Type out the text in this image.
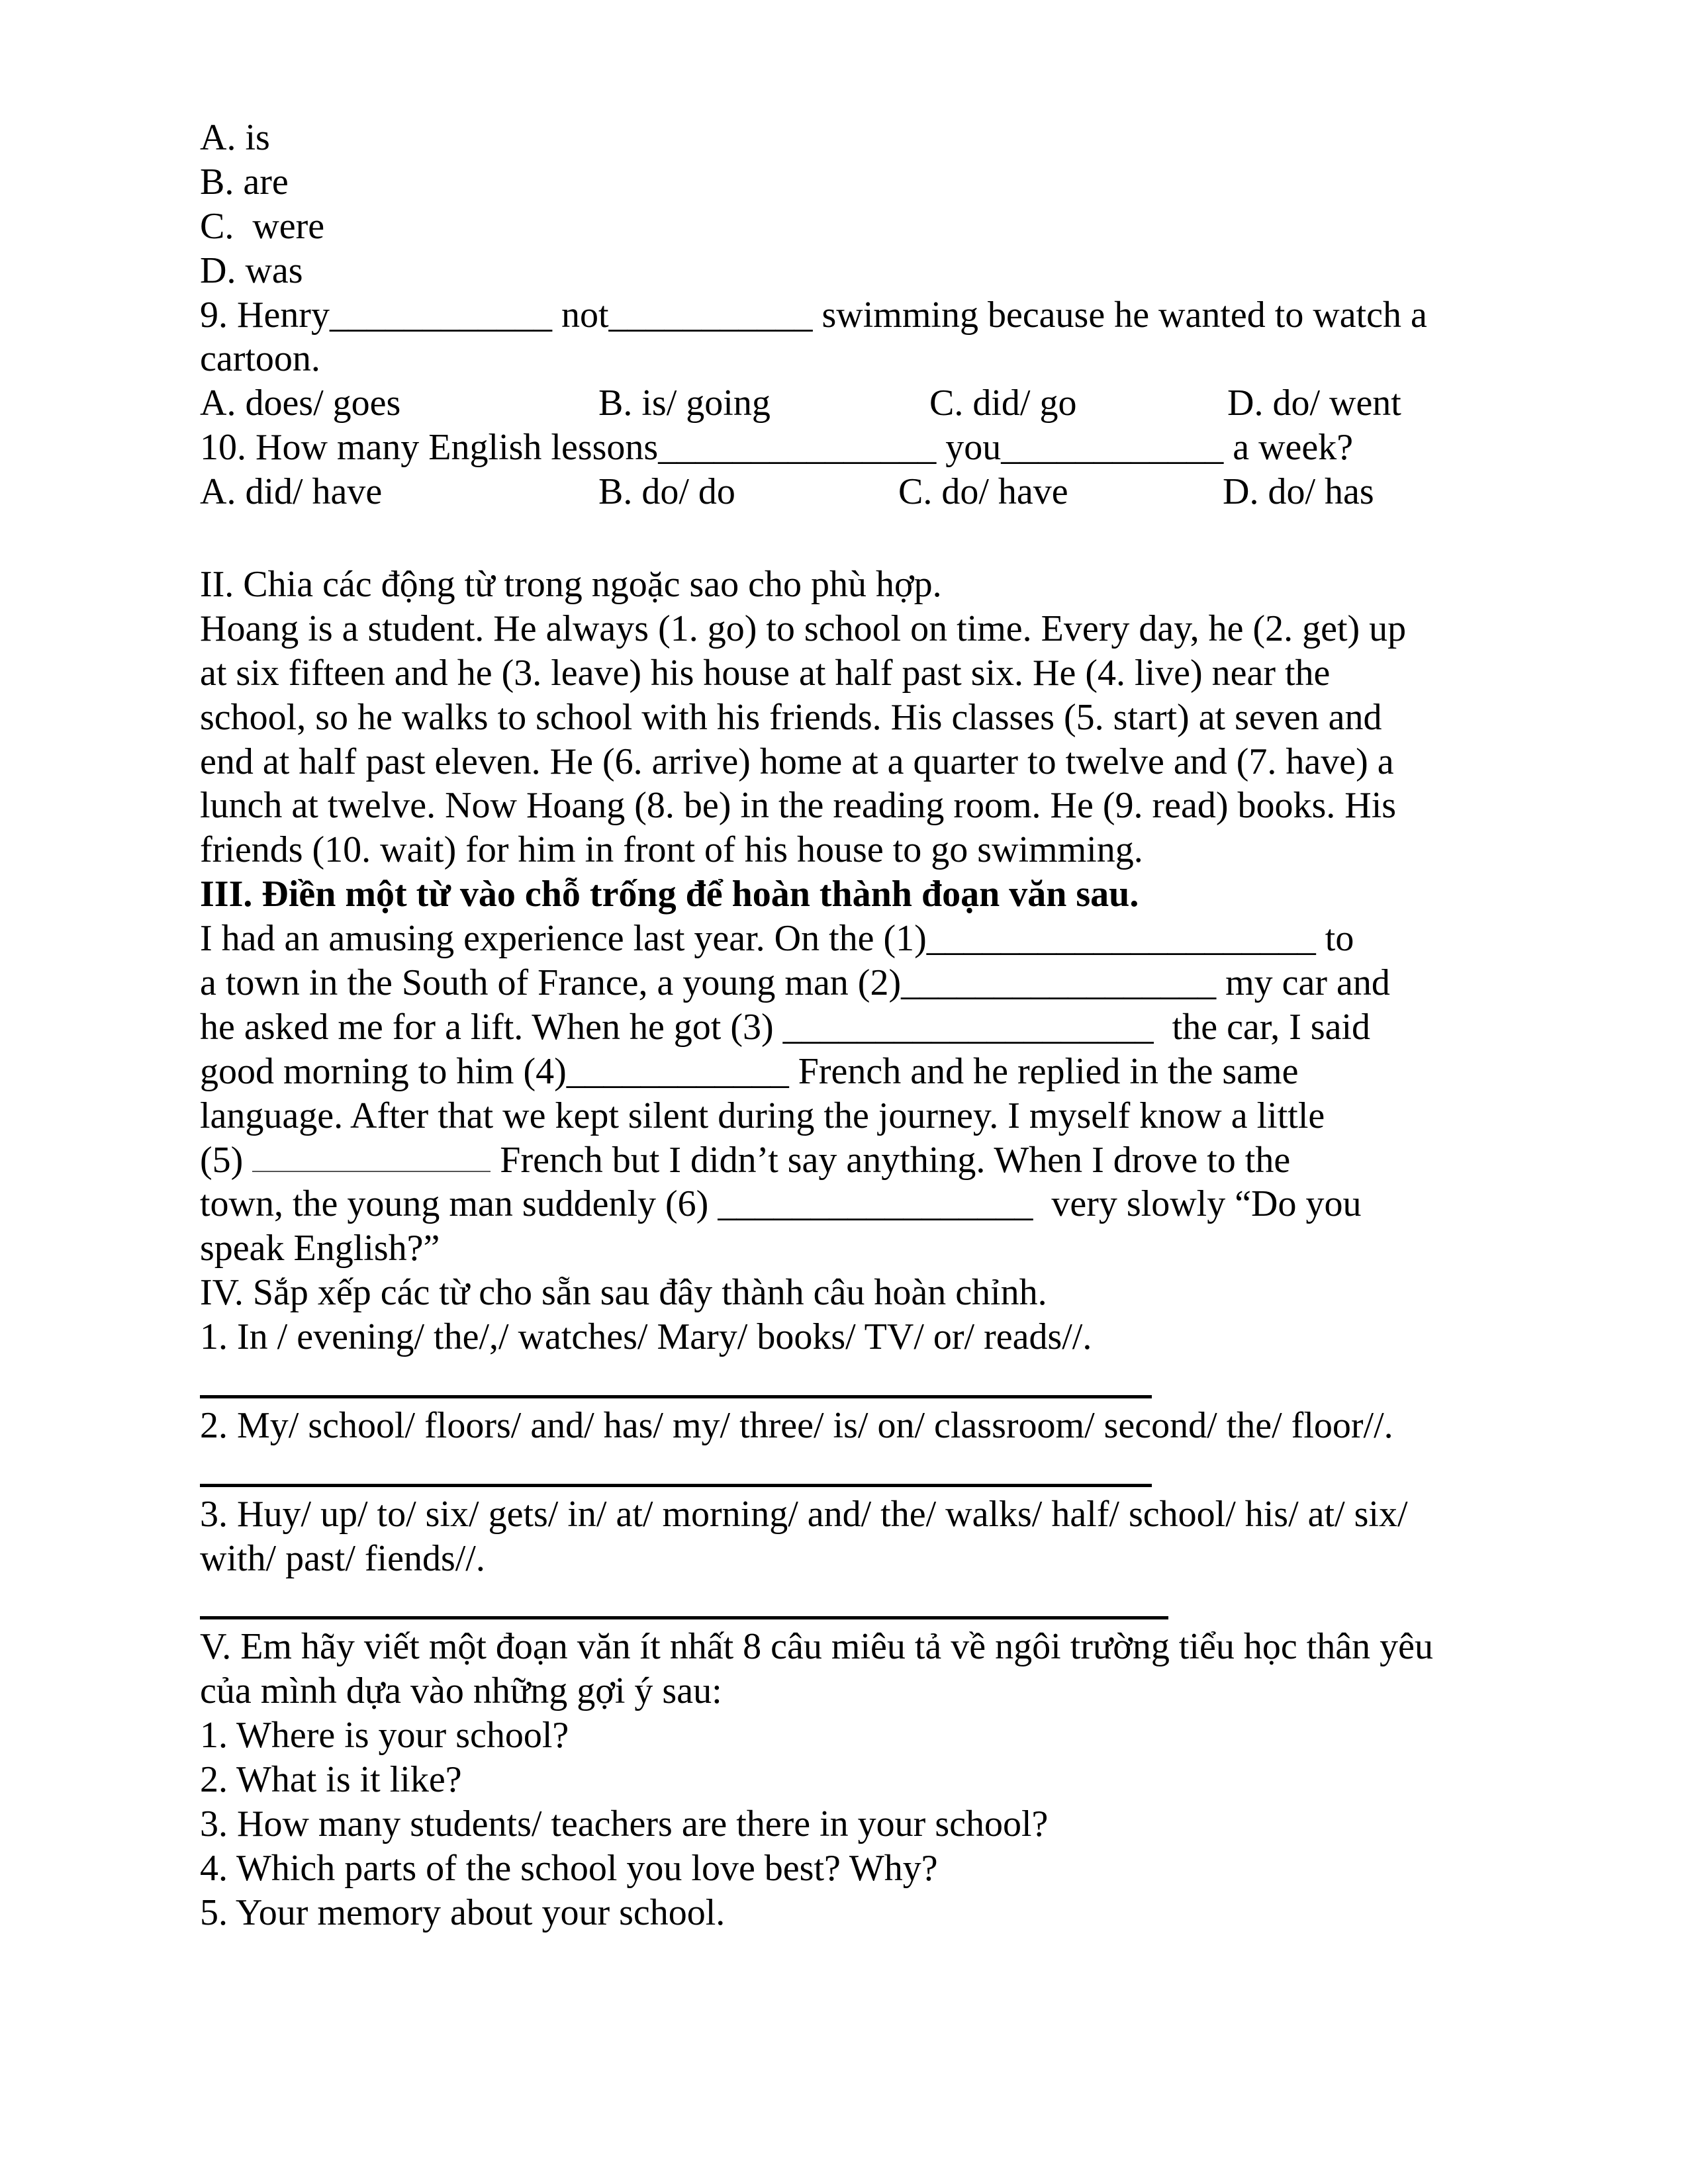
A. is
B. are
C.  were
D. was
9. Henry____________ not___________ swimming because he wanted to watch a
cartoon.

A. does/ goes

	B. is/ going

	C. did/ go

	D. do/ went

10. How many English lessons_______________ you____________ a week?

A. did/ have

	B. do/ do

	C. do/ have

	D. do/ has

II. Chia các động từ trong ngoặc sao cho phù hợp.
Hoang is a student. He always (1. go) to school on time. Every day, he (2. get) up
at six fifteen and he (3. leave) his house at half past six. He (4. live) near the
school, so he walks to school with his friends. His classes (5. start) at seven and
end at half past eleven. He (6. arrive) home at a quarter to twelve and (7. have) a
lunch at twelve. Now Hoang (8. be) in the reading room. He (9. read) books. His
friends (10. wait) for him in front of his house to go swimming.
III. Điền một từ vào chỗ trống để hoàn thành đoạn văn sau.
I had an amusing experience last year. On the (1)_____________________ to
a town in the South of France, a young man (2)_________________ my car and
he asked me for a lift. When he got (3) ____________________  the car, I said
good morning to him (4)____________ French and he replied in the same
language. After that we kept silent during the journey. I myself know a little
(5)	French but I didn’t say anything. When I drove to the
town, the young man suddenly (6) _________________  very slowly “Do you
speak English?”
IV. Sắp xếp các từ cho sẵn sau đây thành câu hoàn chỉnh.
1. In / evening/ the/,/ watches/ Mary/ books/ TV/ or/ reads//.
2. My/ school/ floors/ and/ has/ my/ three/ is/ on/ classroom/ second/ the/ floor//.
3. Huy/ up/ to/ six/ gets/ in/ at/ morning/ and/ the/ walks/ half/ school/ his/ at/ six/
with/ past/ fiends//.
V. Em hãy viết một đoạn văn ít nhất 8 câu miêu tả về ngôi trường tiểu học thân yêu
của mình dựa vào những gợi ý sau:
1. Where is your school?
2. What is it like?
3. How many students/ teachers are there in your school?
4. Which parts of the school you love best? Why?
5. Your memory about your school.
